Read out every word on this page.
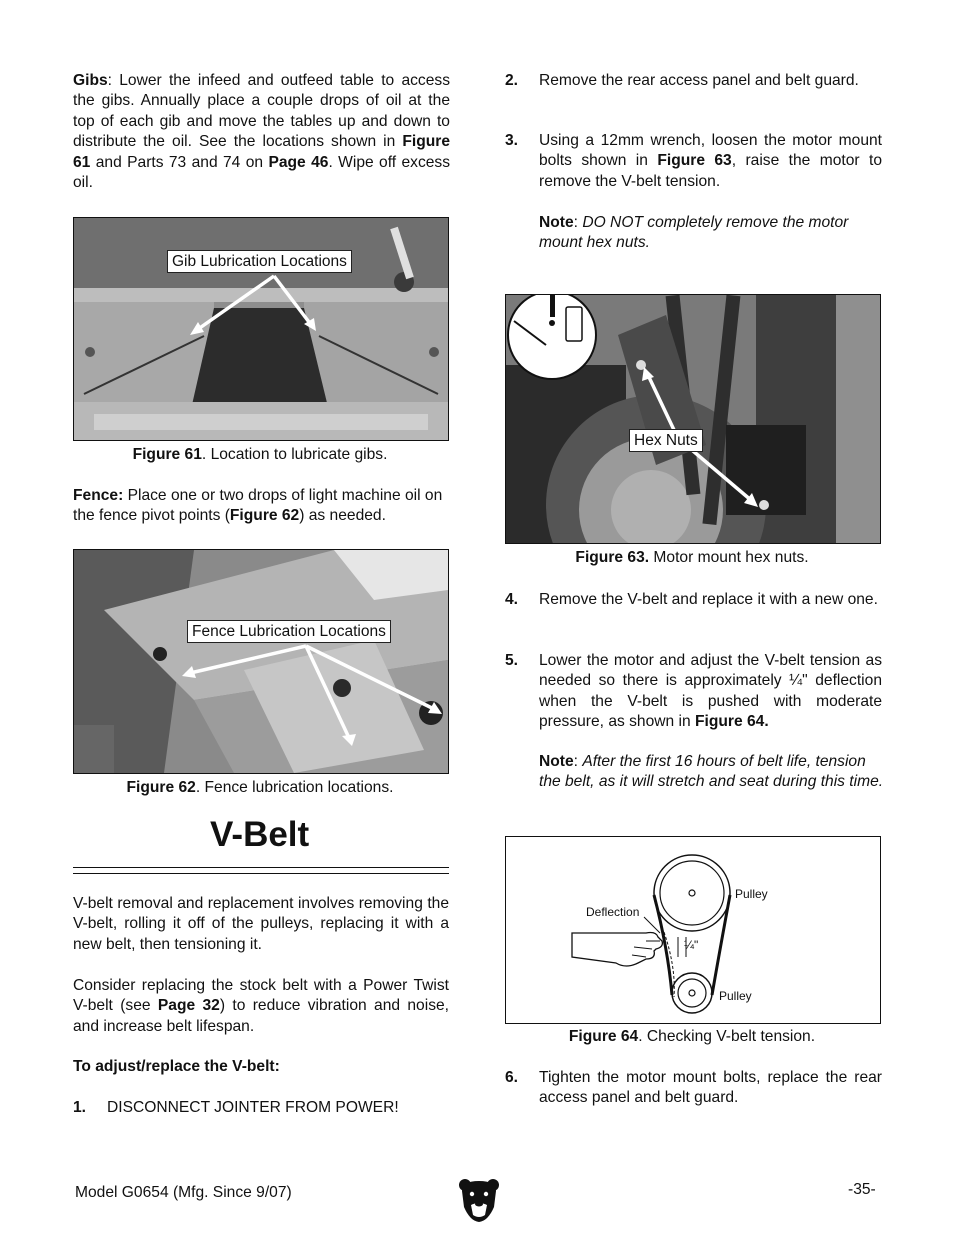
Gibs: Lower the infeed and outfeed table to access the gibs. Annually place a couple drops of oil at the top of each gib and move the tables up and down to distribute the oil. See the locations shown in Figure 61 and Parts 73 and 74 on Page 46. Wipe off excess oil.
Gib Lubrication Locations
Figure 61. Location to lubricate gibs.
Fence: Place one or two drops of light machine oil on the fence pivot points (Figure 62) as needed.
Fence Lubrication Locations
Figure 62. Fence lubrication locations.
V-Belt
V-belt removal and replacement involves removing the V-belt, rolling it off of the pulleys, replacing it with a new belt, then tensioning it.
Consider replacing the stock belt with a Power Twist V-belt (see Page 32) to reduce vibration and noise, and increase belt lifespan.
To adjust/replace the V-belt:
1. DISCONNECT JOINTER FROM POWER!
2. Remove the rear access panel and belt guard.
3. Using a 12mm wrench, loosen the motor mount bolts shown in Figure 63, raise the motor to remove the V-belt tension.
Note: DO NOT completely remove the motor mount hex nuts.
Hex Nuts
Figure 63. Motor mount hex nuts.
4. Remove the V-belt and replace it with a new one.
5. Lower the motor and adjust the V-belt tension as needed so there is approximately ¼" deflection when the V-belt is pushed with moderate pressure, as shown in Figure 64.
Note: After the first 16 hours of belt life, tension the belt, as it will stretch and seat during this time.
Deflection
Pulley
Pulley
¼"
Figure 64. Checking V-belt tension.
6. Tighten the motor mount bolts, replace the rear access panel and belt guard.
Model G0654 (Mfg. Since 9/07)	-35-
